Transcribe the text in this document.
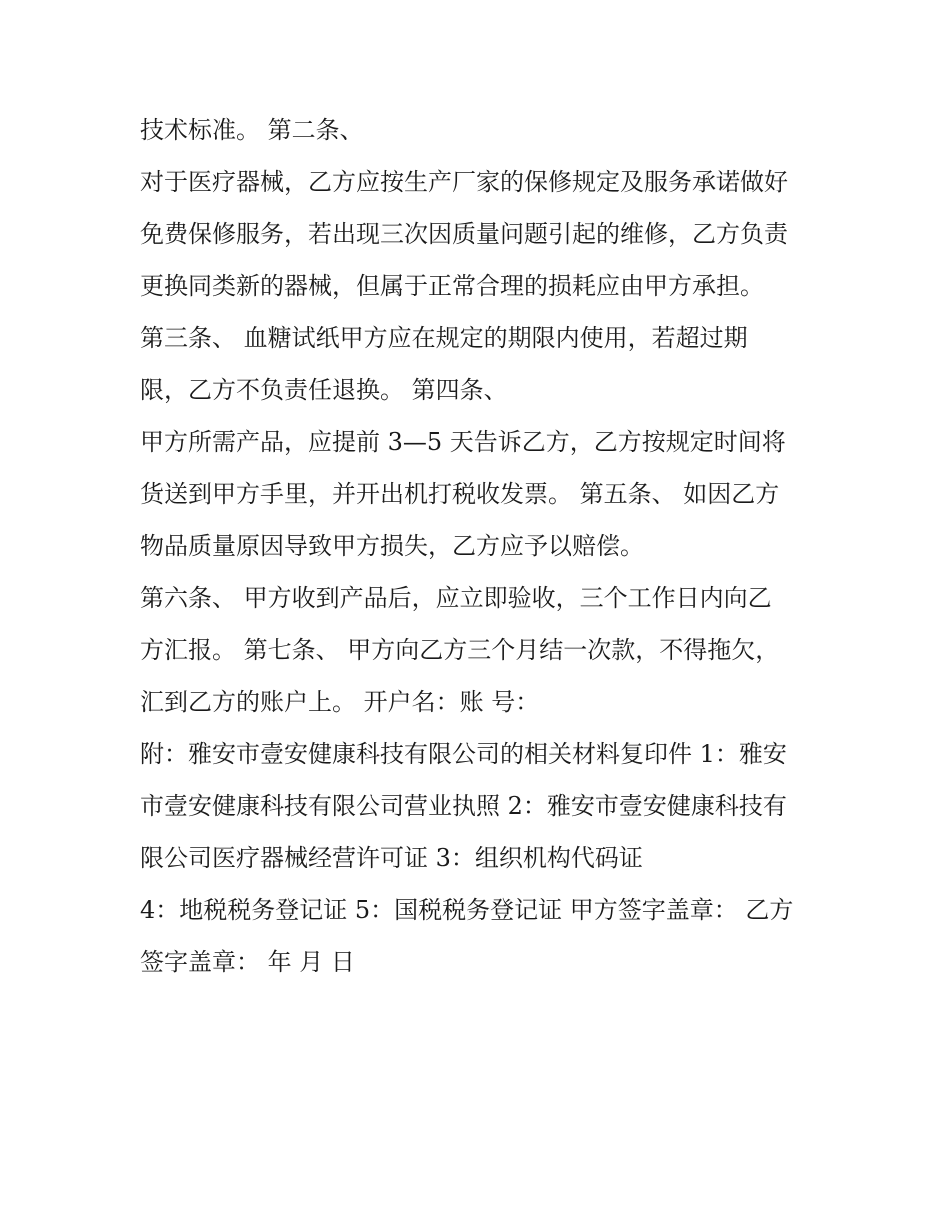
技术标准。 第二条、
对于医疗器械，乙方应按生产厂家的保修规定及服务承诺做好
免费保修服务，若出现三次因质量问题引起的维修，乙方负责
更换同类新的器械，但属于正常合理的损耗应由甲方承担。
第三条、 血糖试纸甲方应在规定的期限内使用，若超过期
限，乙方不负责任退换。 第四条、
甲方所需产品，应提前 3—5 天告诉乙方，乙方按规定时间将
货送到甲方手里，并开出机打税收发票。 第五条、 如因乙方
物品质量原因导致甲方损失，乙方应予以赔偿。
第六条、 甲方收到产品后，应立即验收，三个工作日内向乙
方汇报。 第七条、 甲方向乙方三个月结一次款，不得拖欠，
汇到乙方的账户上。 开户名：账 号：
附：雅安市壹安健康科技有限公司的相关材料复印件 1：雅安
市壹安健康科技有限公司营业执照 2：雅安市壹安健康科技有
限公司医疗器械经营许可证 3：组织机构代码证
4：地税税务登记证 5：国税税务登记证 甲方签字盖章： 乙方
签字盖章： 年 月 日
